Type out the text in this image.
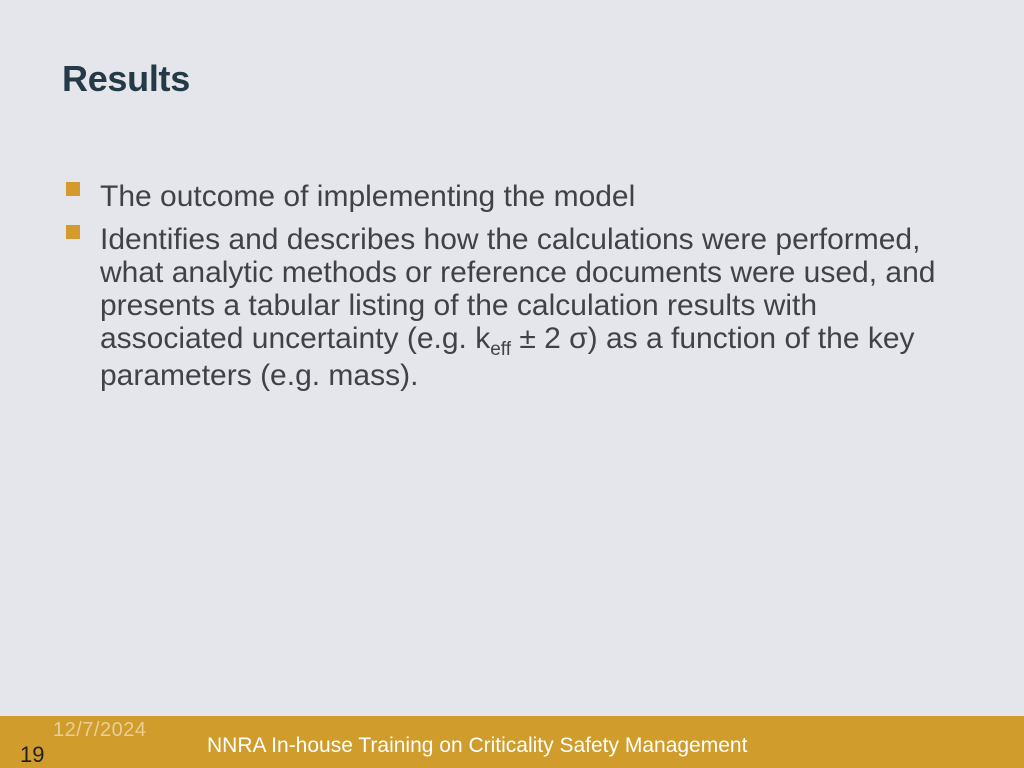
Results
The outcome of implementing the model
Identifies and describes how the calculations were performed, what analytic methods or reference documents were used, and presents a tabular listing of the calculation results with associated uncertainty (e.g. $k_{eff} \pm 2$ σ) as a function of the key parameters (e.g. mass).
12/7/2024
19	NNRA In-house Training on Criticality Safety Management
